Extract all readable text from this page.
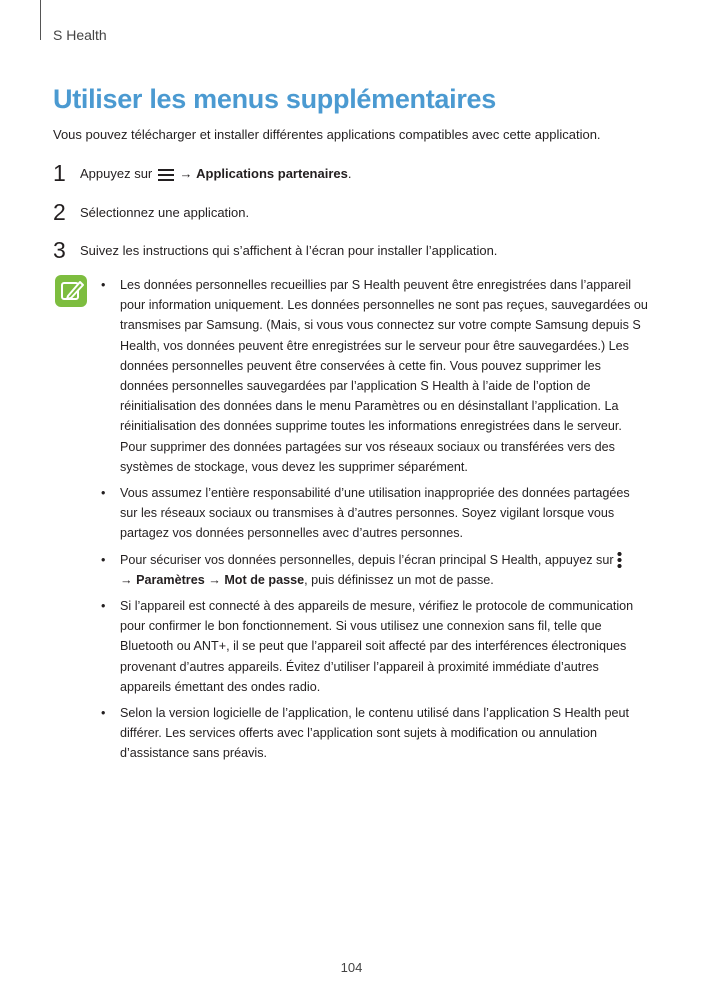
S Health
Utiliser les menus supplémentaires
Vous pouvez télécharger et installer différentes applications compatibles avec cette application.
1	Appuyez sur → Applications partenaires.
2	Sélectionnez une application.
3	Suivez les instructions qui s’affichent à l’écran pour installer l’application.
• Les données personnelles recueillies par S Health peuvent être enregistrées dans l’appareil pour information uniquement. Les données personnelles ne sont pas reçues, sauvegardées ou transmises par Samsung. (Mais, si vous vous connectez sur votre compte Samsung depuis S Health, vos données peuvent être enregistrées sur le serveur pour être sauvegardées.) Les données personnelles peuvent être conservées à cette fin. Vous pouvez supprimer les données personnelles sauvegardées par l’application S Health à l’aide de l’option de réinitialisation des données dans le menu Paramètres ou en désinstallant l’application. La réinitialisation des données supprime toutes les informations enregistrées dans le serveur. Pour supprimer des données partagées sur vos réseaux sociaux ou transférées vers des systèmes de stockage, vous devez les supprimer séparément.
• Vous assumez l’entière responsabilité d’une utilisation inappropriée des données partagées sur les réseaux sociaux ou transmises à d’autres personnes. Soyez vigilant lorsque vous partagez vos données personnelles avec d’autres personnes.
• Pour sécuriser vos données personnelles, depuis l’écran principal S Health, appuyez sur
→ Paramètres → Mot de passe, puis définissez un mot de passe.
• Si l’appareil est connecté à des appareils de mesure, vérifiez le protocole de communication pour confirmer le bon fonctionnement. Si vous utilisez une connexion sans fil, telle que Bluetooth ou ANT+, il se peut que l’appareil soit affecté par des interférences électroniques provenant d’autres appareils. Évitez d’utiliser l’appareil à proximité immédiate d’autres appareils émettant des ondes radio.
• Selon la version logicielle de l’application, le contenu utilisé dans l’application S Health peut différer. Les services offerts avec l’application sont sujets à modification ou annulation d’assistance sans préavis.
104
